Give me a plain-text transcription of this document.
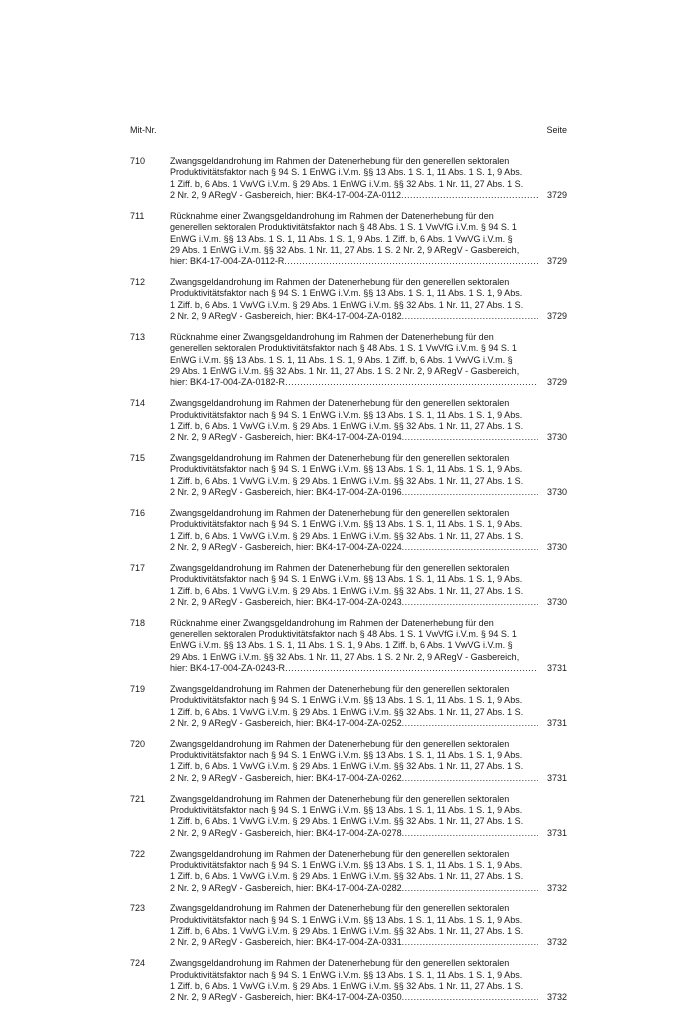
Mit-Nr.	Seite
710	Zwangsgeldandrohung im Rahmen der Datenerhebung für den generellen sektoralen
Produktivitätsfaktor nach § 94 S. 1 EnWG i.V.m. §§ 13 Abs. 1 S. 1, 11 Abs. 1 S. 1, 9 Abs.
1 Ziff. b, 6 Abs. 1 VwVG i.V.m. § 29 Abs. 1 EnWG i.V.m. §§ 32 Abs. 1 Nr. 11, 27 Abs. 1 S.
2 Nr. 2, 9 ARegV - Gasbereich, hier: BK4-17-004-ZA-0112 .....	3729
711	Rücknahme einer Zwangsgeldandrohung im Rahmen der Datenerhebung für den
generellen sektoralen Produktivitätsfaktor nach § 48 Abs. 1 S. 1 VwVfG i.V.m. § 94 S. 1
EnWG i.V.m. §§ 13 Abs. 1 S. 1, 11 Abs. 1 S. 1, 9 Abs. 1 Ziff. b, 6 Abs. 1 VwVG i.V.m. §
29 Abs. 1 EnWG i.V.m. §§ 32 Abs. 1 Nr. 11, 27 Abs. 1 S. 2 Nr. 2, 9 ARegV - Gasbereich,
hier: BK4-17-004-ZA-0112-R .....	3729
712	Zwangsgeldandrohung im Rahmen der Datenerhebung für den generellen sektoralen
Produktivitätsfaktor nach § 94 S. 1 EnWG i.V.m. §§ 13 Abs. 1 S. 1, 11 Abs. 1 S. 1, 9 Abs.
1 Ziff. b, 6 Abs. 1 VwVG i.V.m. § 29 Abs. 1 EnWG i.V.m. §§ 32 Abs. 1 Nr. 11, 27 Abs. 1 S.
2 Nr. 2, 9 ARegV - Gasbereich, hier: BK4-17-004-ZA-0182 .....	3729
713	Rücknahme einer Zwangsgeldandrohung im Rahmen der Datenerhebung für den
generellen sektoralen Produktivitätsfaktor nach § 48 Abs. 1 S. 1 VwVfG i.V.m. § 94 S. 1
EnWG i.V.m. §§ 13 Abs. 1 S. 1, 11 Abs. 1 S. 1, 9 Abs. 1 Ziff. b, 6 Abs. 1 VwVG i.V.m. §
29 Abs. 1 EnWG i.V.m. §§ 32 Abs. 1 Nr. 11, 27 Abs. 1 S. 2 Nr. 2, 9 ARegV - Gasbereich,
hier: BK4-17-004-ZA-0182-R .....	3729
714	Zwangsgeldandrohung im Rahmen der Datenerhebung für den generellen sektoralen
Produktivitätsfaktor nach § 94 S. 1 EnWG i.V.m. §§ 13 Abs. 1 S. 1, 11 Abs. 1 S. 1, 9 Abs.
1 Ziff. b, 6 Abs. 1 VwVG i.V.m. § 29 Abs. 1 EnWG i.V.m. §§ 32 Abs. 1 Nr. 11, 27 Abs. 1 S.
2 Nr. 2, 9 ARegV - Gasbereich, hier: BK4-17-004-ZA-0194 .....	3730
715	Zwangsgeldandrohung im Rahmen der Datenerhebung für den generellen sektoralen
Produktivitätsfaktor nach § 94 S. 1 EnWG i.V.m. §§ 13 Abs. 1 S. 1, 11 Abs. 1 S. 1, 9 Abs.
1 Ziff. b, 6 Abs. 1 VwVG i.V.m. § 29 Abs. 1 EnWG i.V.m. §§ 32 Abs. 1 Nr. 11, 27 Abs. 1 S.
2 Nr. 2, 9 ARegV - Gasbereich, hier: BK4-17-004-ZA-0196 .....	3730
716	Zwangsgeldandrohung im Rahmen der Datenerhebung für den generellen sektoralen
Produktivitätsfaktor nach § 94 S. 1 EnWG i.V.m. §§ 13 Abs. 1 S. 1, 11 Abs. 1 S. 1, 9 Abs.
1 Ziff. b, 6 Abs. 1 VwVG i.V.m. § 29 Abs. 1 EnWG i.V.m. §§ 32 Abs. 1 Nr. 11, 27 Abs. 1 S.
2 Nr. 2, 9 ARegV - Gasbereich, hier: BK4-17-004-ZA-0224 .....	3730
717	Zwangsgeldandrohung im Rahmen der Datenerhebung für den generellen sektoralen
Produktivitätsfaktor nach § 94 S. 1 EnWG i.V.m. §§ 13 Abs. 1 S. 1, 11 Abs. 1 S. 1, 9 Abs.
1 Ziff. b, 6 Abs. 1 VwVG i.V.m. § 29 Abs. 1 EnWG i.V.m. §§ 32 Abs. 1 Nr. 11, 27 Abs. 1 S.
2 Nr. 2, 9 ARegV - Gasbereich, hier: BK4-17-004-ZA-0243 .....	3730
718	Rücknahme einer Zwangsgeldandrohung im Rahmen der Datenerhebung für den
generellen sektoralen Produktivitätsfaktor nach § 48 Abs. 1 S. 1 VwVfG i.V.m. § 94 S. 1
EnWG i.V.m. §§ 13 Abs. 1 S. 1, 11 Abs. 1 S. 1, 9 Abs. 1 Ziff. b, 6 Abs. 1 VwVG i.V.m. §
29 Abs. 1 EnWG i.V.m. §§ 32 Abs. 1 Nr. 11, 27 Abs. 1 S. 2 Nr. 2, 9 ARegV - Gasbereich,
hier: BK4-17-004-ZA-0243-R .....	3731
719	Zwangsgeldandrohung im Rahmen der Datenerhebung für den generellen sektoralen
Produktivitätsfaktor nach § 94 S. 1 EnWG i.V.m. §§ 13 Abs. 1 S. 1, 11 Abs. 1 S. 1, 9 Abs.
1 Ziff. b, 6 Abs. 1 VwVG i.V.m. § 29 Abs. 1 EnWG i.V.m. §§ 32 Abs. 1 Nr. 11, 27 Abs. 1 S.
2 Nr. 2, 9 ARegV - Gasbereich, hier: BK4-17-004-ZA-0252 .....	3731
720	Zwangsgeldandrohung im Rahmen der Datenerhebung für den generellen sektoralen
Produktivitätsfaktor nach § 94 S. 1 EnWG i.V.m. §§ 13 Abs. 1 S. 1, 11 Abs. 1 S. 1, 9 Abs.
1 Ziff. b, 6 Abs. 1 VwVG i.V.m. § 29 Abs. 1 EnWG i.V.m. §§ 32 Abs. 1 Nr. 11, 27 Abs. 1 S.
2 Nr. 2, 9 ARegV - Gasbereich, hier: BK4-17-004-ZA-0262 .....	3731
721	Zwangsgeldandrohung im Rahmen der Datenerhebung für den generellen sektoralen
Produktivitätsfaktor nach § 94 S. 1 EnWG i.V.m. §§ 13 Abs. 1 S. 1, 11 Abs. 1 S. 1, 9 Abs.
1 Ziff. b, 6 Abs. 1 VwVG i.V.m. § 29 Abs. 1 EnWG i.V.m. §§ 32 Abs. 1 Nr. 11, 27 Abs. 1 S.
2 Nr. 2, 9 ARegV - Gasbereich, hier: BK4-17-004-ZA-0278 .....	3731
722	Zwangsgeldandrohung im Rahmen der Datenerhebung für den generellen sektoralen
Produktivitätsfaktor nach § 94 S. 1 EnWG i.V.m. §§ 13 Abs. 1 S. 1, 11 Abs. 1 S. 1, 9 Abs.
1 Ziff. b, 6 Abs. 1 VwVG i.V.m. § 29 Abs. 1 EnWG i.V.m. §§ 32 Abs. 1 Nr. 11, 27 Abs. 1 S.
2 Nr. 2, 9 ARegV - Gasbereich, hier: BK4-17-004-ZA-0282 .....	3732
723	Zwangsgeldandrohung im Rahmen der Datenerhebung für den generellen sektoralen
Produktivitätsfaktor nach § 94 S. 1 EnWG i.V.m. §§ 13 Abs. 1 S. 1, 11 Abs. 1 S. 1, 9 Abs.
1 Ziff. b, 6 Abs. 1 VwVG i.V.m. § 29 Abs. 1 EnWG i.V.m. §§ 32 Abs. 1 Nr. 11, 27 Abs. 1 S.
2 Nr. 2, 9 ARegV - Gasbereich, hier: BK4-17-004-ZA-0331 .....	3732
724	Zwangsgeldandrohung im Rahmen der Datenerhebung für den generellen sektoralen
Produktivitätsfaktor nach § 94 S. 1 EnWG i.V.m. §§ 13 Abs. 1 S. 1, 11 Abs. 1 S. 1, 9 Abs.
1 Ziff. b, 6 Abs. 1 VwVG i.V.m. § 29 Abs. 1 EnWG i.V.m. §§ 32 Abs. 1 Nr. 11, 27 Abs. 1 S.
2 Nr. 2, 9 ARegV - Gasbereich, hier: BK4-17-004-ZA-0350 .....	3732
